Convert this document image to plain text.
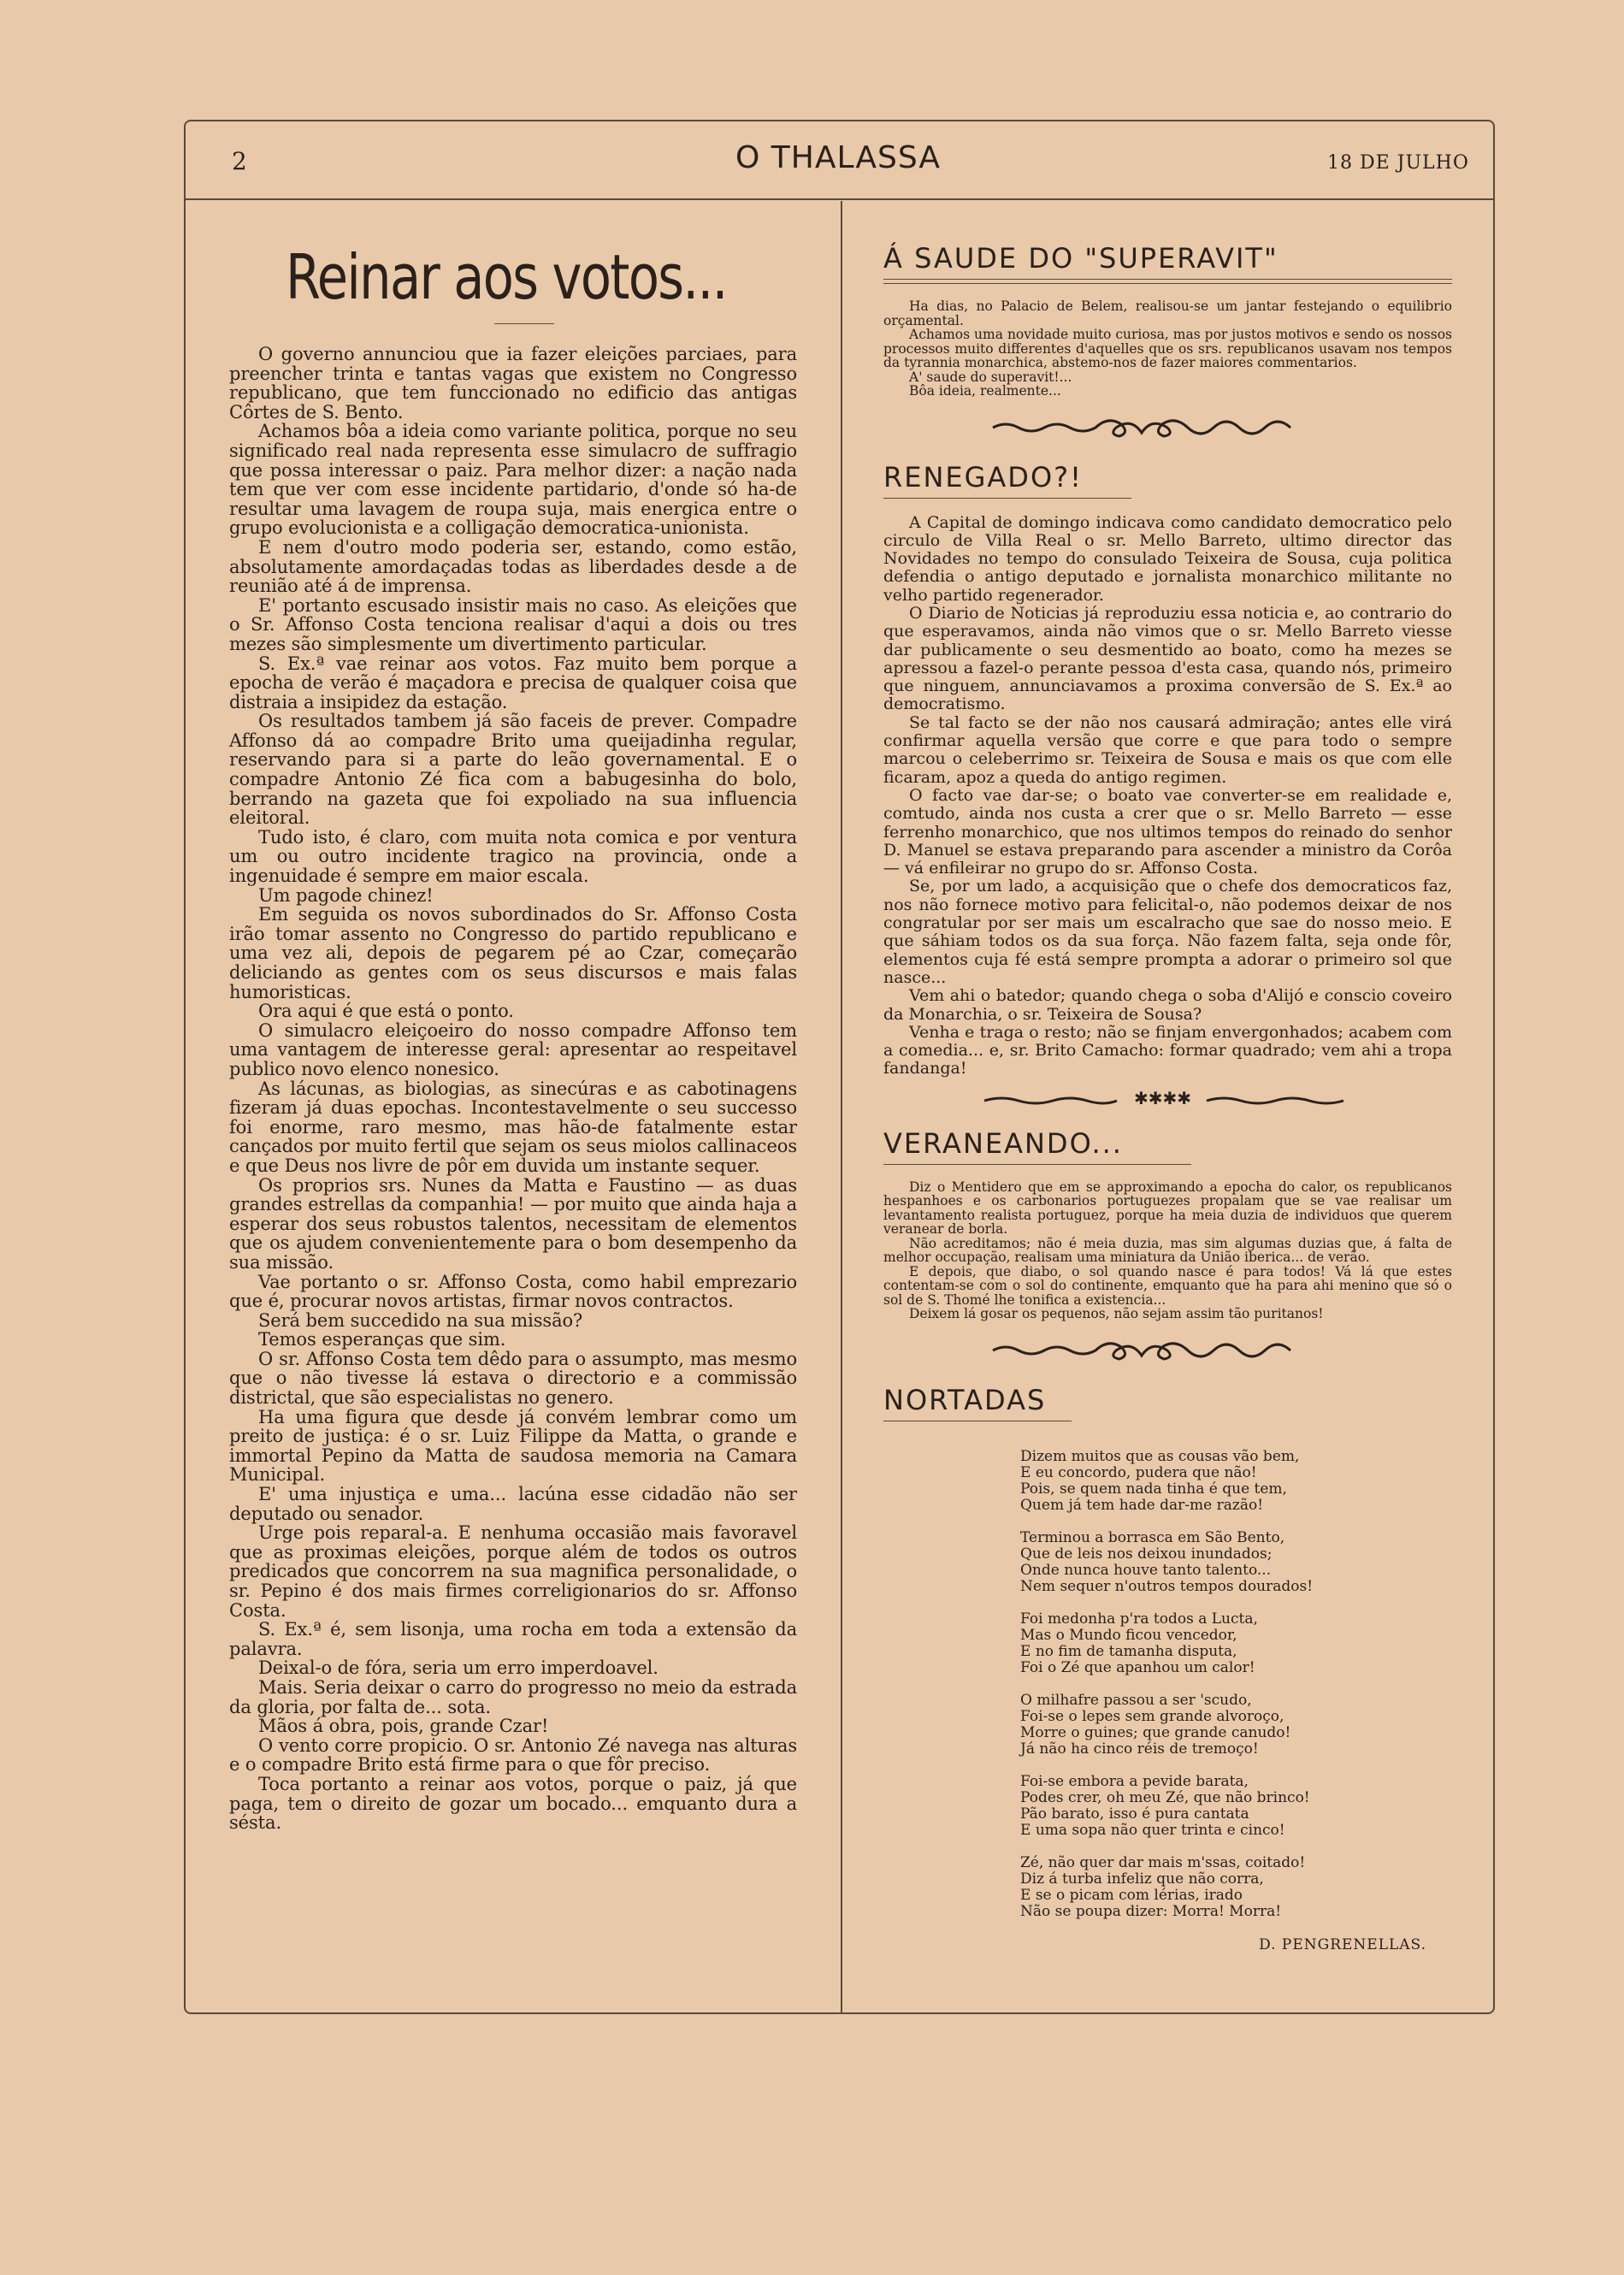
2	O THALASSA	18 DE JULHO
Reinar aos votos...

O governo annunciou que ia fazer eleições parciaes, para preencher trinta e tantas vagas que existem no Congresso republicano, que tem funccionado no edificio das antigas Côrtes de S. Bento.

Achamos bôa a ideia como variante politica, porque no seu significado real nada representa esse simulacro de suffragio que possa interessar o paiz. Para melhor dizer: a nação nada tem que ver com esse incidente partidario, d'onde só ha-de resultar uma lavagem de roupa suja, mais energica entre o grupo evolucionista e a colligação democratica-unionista.

E nem d'outro modo poderia ser, estando, como estão, absolutamente amordaçadas todas as liberdades desde a de reunião até á de imprensa.

E' portanto escusado insistir mais no caso. As eleições que o Sr. Affonso Costa tenciona realisar d'aqui a dois ou tres mezes são simplesmente um divertimento particular.

S. Ex.ª vae reinar aos votos. Faz muito bem porque a epocha de verão é maçadora e precisa de qualquer coisa que distraia a insipidez da estação.

Os resultados tambem já são faceis de prever. Compadre Affonso dá ao compadre Brito uma queijadinha regular, reservando para si a parte do leão governamental. E o compadre Antonio Zé fica com a babugesinha do bolo, berrando na gazeta que foi expoliado na sua influencia eleitoral.

Tudo isto, é claro, com muita nota comica e por ventura um ou outro incidente tragico na provincia, onde a ingenuidade é sempre em maior escala.

Um pagode chinez!

Em seguida os novos subordinados do Sr. Affonso Costa irão tomar assento no Congresso do partido republicano e uma vez ali, depois de pegarem pé ao Czar, começarão deliciando as gentes com os seus discursos e mais falas humoristicas.

Ora aqui é que está o ponto.

O simulacro eleiçoeiro do nosso compadre Affonso tem uma vantagem de interesse geral: apresentar ao respeitavel publico novo elenco nonesico.

As lácunas, as biologias, as sinecúras e as cabotinagens fizeram já duas epochas. Incontestavelmente o seu successo foi enorme, raro mesmo, mas hão-de fatalmente estar cançados por muito fertil que sejam os seus miolos callinaceos e que Deus nos livre de pôr em duvida um instante sequer.

Os proprios srs. Nunes da Matta e Faustino — as duas grandes estrellas da companhia! — por muito que ainda haja a esperar dos seus robustos talentos, necessitam de elementos que os ajudem convenientemente para o bom desempenho da sua missão.

Vae portanto o sr. Affonso Costa, como habil emprezario que é, procurar novos artistas, firmar novos contractos.

Será bem succedido na sua missão?

Temos esperanças que sim.

O sr. Affonso Costa tem dêdo para o assumpto, mas mesmo que o não tivesse lá estava o directorio e a commissão districtal, que são especialistas no genero.

Ha uma figura que desde já convém lembrar como um preito de justiça: é o sr. Luiz Filippe da Matta, o grande e immortal Pepino da Matta de saudosa memoria na Camara Municipal.

E' uma injustiça e uma... lacúna esse cidadão não ser deputado ou senador.

Urge pois reparal-a. E nenhuma occasião mais favoravel que as proximas eleições, porque além de todos os outros predicados que concorrem na sua magnifica personalidade, o sr. Pepino é dos mais firmes correligionarios do sr. Affonso Costa.

S. Ex.ª é, sem lisonja, uma rocha em toda a extensão da palavra.

Deixal-o de fóra, seria um erro imperdoavel.

Mais. Seria deixar o carro do progresso no meio da estrada da gloria, por falta de... sota.

Mãos á obra, pois, grande Czar!

O vento corre propicio. O sr. Antonio Zé navega nas alturas e o compadre Brito está firme para o que fôr preciso.

Toca portanto a reinar aos votos, porque o paiz, já que paga, tem o direito de gozar um bocado... emquanto dura a sésta.

Á SAUDE DO "SUPERAVIT"

Ha dias, no Palacio de Belem, realisou-se um jantar festejando o equilibrio orçamental.

Achamos uma novidade muito curiosa, mas por justos motivos e sendo os nossos processos muito differentes d'aquelles que os srs. republicanos usavam nos tempos da tyrannia monarchica, abstemo-nos de fazer maiores commentarios.

A' saude do superavit!...

Bôa ideia, realmente...

RENEGADO?!

A Capital de domingo indicava como candidato democratico pelo circulo de Villa Real o sr. Mello Barreto, ultimo director das Novidades no tempo do consulado Teixeira de Sousa, cuja politica defendia o antigo deputado e jornalista monarchico militante no velho partido regenerador.

O Diario de Noticias já reproduziu essa noticia e, ao contrario do que esperavamos, ainda não vimos que o sr. Mello Barreto viesse dar publicamente o seu desmentido ao boato, como ha mezes se apressou a fazel-o perante pessoa d'esta casa, quando nós, primeiro que ninguem, annunciavamos a proxima conversão de S. Ex.ª ao democratismo.

Se tal facto se der não nos causará admiração; antes elle virá confirmar aquella versão que corre e que para todo o sempre marcou o celeberrimo sr. Teixeira de Sousa e mais os que com elle ficaram, apoz a queda do antigo regimen.

O facto vae dar-se; o boato vae converter-se em realidade e, comtudo, ainda nos custa a crer que o sr. Mello Barreto — esse ferrenho monarchico, que nos ultimos tempos do reinado do senhor D. Manuel se estava preparando para ascender a ministro da Corôa — vá enfileirar no grupo do sr. Affonso Costa.

Se, por um lado, a acquisição que o chefe dos democraticos faz, nos não fornece motivo para felicital-o, não podemos deixar de nos congratular por ser mais um escalracho que sae do nosso meio. E que sáhiam todos os da sua força. Não fazem falta, seja onde fôr, elementos cuja fé está sempre prompta a adorar o primeiro sol que nasce...

Vem ahi o batedor; quando chega o soba d'Alijó e conscio coveiro da Monarchia, o sr. Teixeira de Sousa?

Venha e traga o resto; não se finjam envergonhados; acabem com a comedia... e, sr. Brito Camacho: formar quadrado; vem ahi a tropa fandanga!

✱✱✱✱
VERANEANDO...

Diz o Mentidero que em se approximando a epocha do calor, os republicanos hespanhoes e os carbonarios portuguezes propalam que se vae realisar um levantamento realista portuguez, porque ha meia duzia de individuos que querem veranear de borla.

Não acreditamos; não é meia duzia, mas sim algumas duzias que, á falta de melhor occupação, realisam uma miniatura da União iberica... de verão.

E depois, que diabo, o sol quando nasce é para todos! Vá lá que estes contentam-se com o sol do continente, emquanto que ha para ahi menino que só o sol de S. Thomé lhe tonifica a existencia...

Deixem lá gosar os pequenos, não sejam assim tão puritanos!

NORTADAS
Dizem muitos que as cousas vão bem,
E eu concordo, pudera que não!
Pois, se quem nada tinha é que tem,
Quem já tem hade dar-me razão!
Terminou a borrasca em São Bento,
Que de leis nos deixou inundados;
Onde nunca houve tanto talento...
Nem sequer n'outros tempos dourados!
Foi medonha p'ra todos a Lucta,
Mas o Mundo ficou vencedor,
E no fim de tamanha disputa,
Foi o Zé que apanhou um calor!
O milhafre passou a ser 'scudo,
Foi-se o lepes sem grande alvoroço,
Morre o guines; que grande canudo!
Já não ha cinco réis de tremoço!
Foi-se embora a pevide barata,
Podes crer, oh meu Zé, que não brinco!
Pão barato, isso é pura cantata
E uma sopa não quer trinta e cinco!
Zé, não quer dar mais m'ssas, coitado!
Diz á turba infeliz que não corra,
E se o picam com lérias, irado
Não se poupa dizer: Morra! Morra!
D. PENGRENELLAS.
